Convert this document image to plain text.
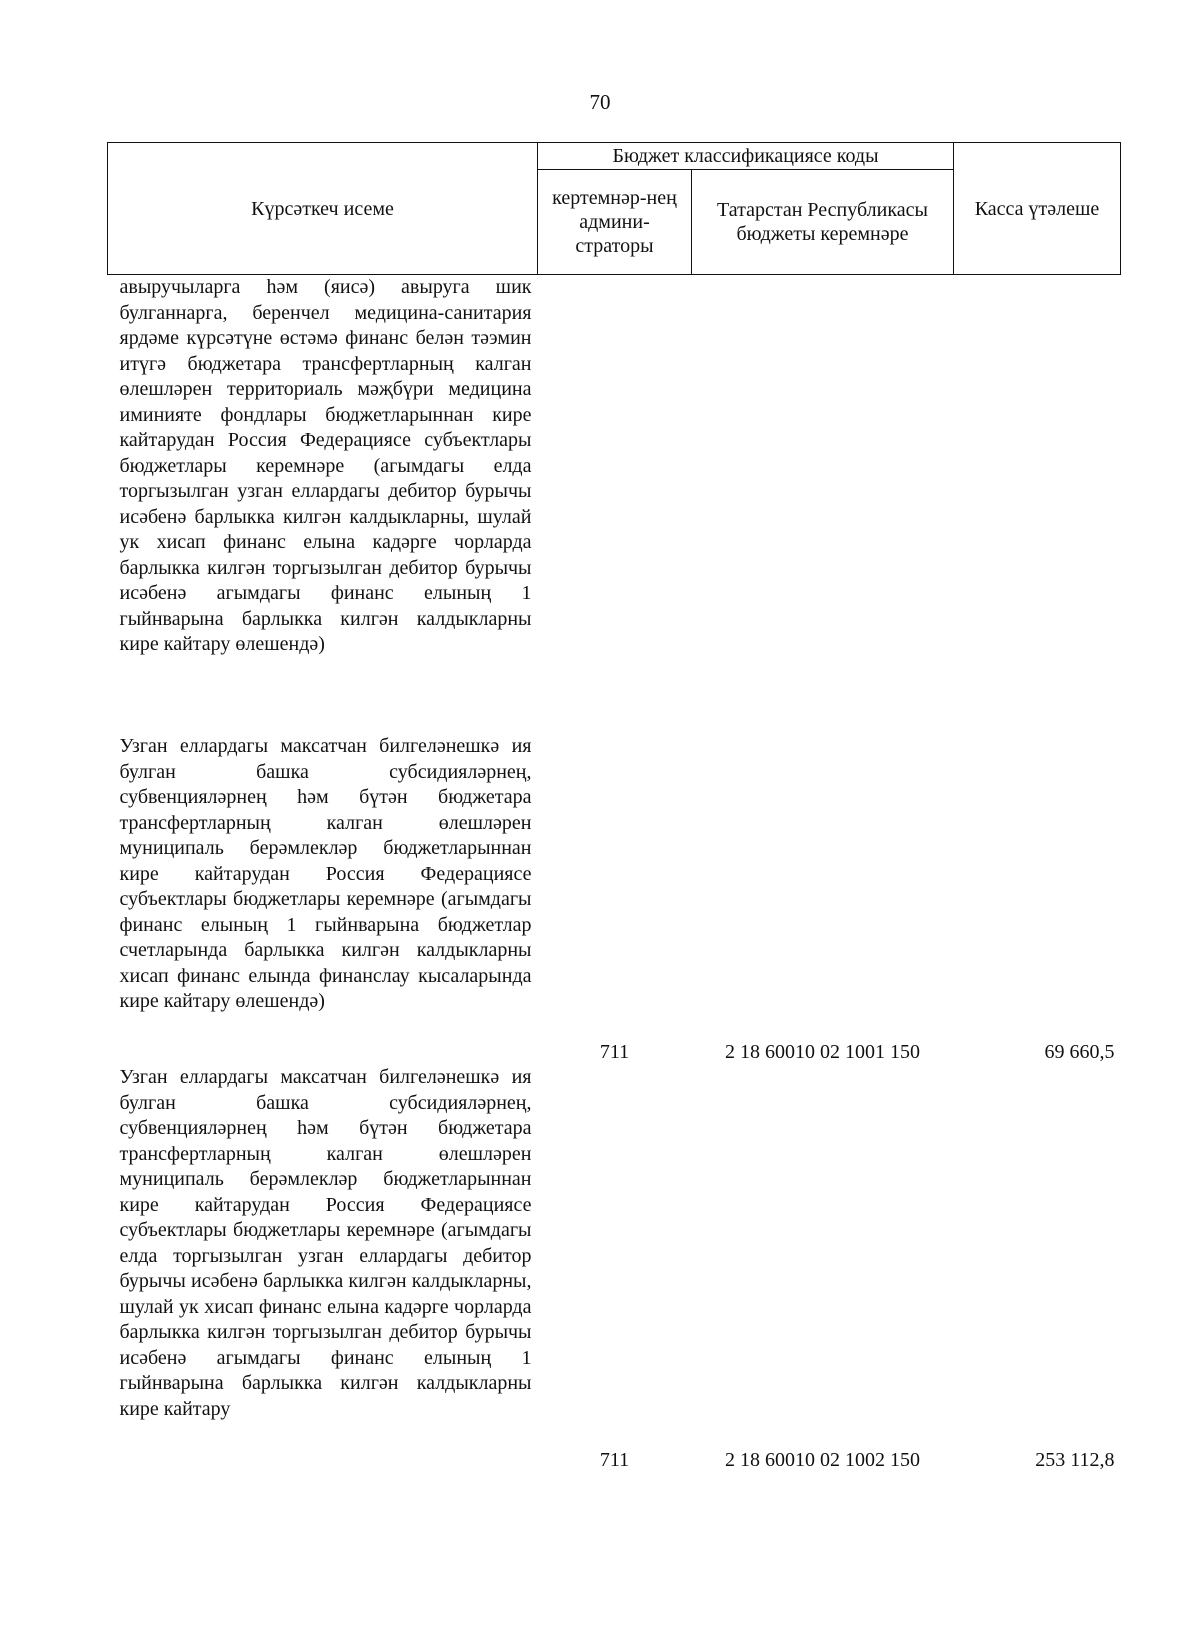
70
Күрсәткеч исеме	Бюджет классификациясе коды		Касса үтәлеше
	кертемнәр-нең админи-страторы	Татарстан Республикасы бюджеты керемнәре	
авыручыларга һәм (яисә) авыруга шик булганнарга, беренчел медицина-санитария ярдәме күрсәтүне өстәмә финанс белән тәэмин итүгә бюджетара трансфертларның калган өлешләрен территориаль мәҗбүри медицина иминияте фондлары бюджетларыннан кире кайтарудан Россия Федерациясе субъектлары бюджетлары керемнәре (агымдагы елда торгызылган узган еллардагы дебитор бурычы исәбенә барлыкка килгән калдыкларны, шулай ук хисап финанс елына кадәрге чорларда барлыкка килгән торгызылган дебитор бурычы исәбенә агымдагы финанс елының 1 гыйнварына барлыкка килгән калдыкларны кире кайтару өлешендә)			
Узган еллардагы максатчан билгеләнешкә ия булган башка субсидияләрнең, субвенцияләрнең һәм бүтән бюджетара трансфертларның калган өлешләрен муниципаль берәмлекләр бюджетларыннан кире кайтарудан Россия Федерациясе субъектлары бюджетлары керемнәре (агымдагы финанс елының 1 гыйнварына бюджетлар счетларында барлыкка килгән калдыкларны хисап финанс елында финанслау кысаларында кире кайтару өлешендә)	711	2 18 60010 02 1001 150	69 660,5
Узган еллардагы максатчан билгеләнешкә ия булган башка субсидияләрнең, субвенцияләрнең һәм бүтән бюджетара трансфертларның калган өлешләрен муниципаль берәмлекләр бюджетларыннан кире кайтарудан Россия Федерациясе субъектлары бюджетлары керемнәре (агымдагы елда торгызылган узган еллардагы дебитор бурычы исәбенә барлыкка килгән калдыкларны, шулай ук хисап финанс елына кадәрге чорларда барлыкка килгән торгызылган дебитор бурычы исәбенә агымдагы финанс елының 1 гыйнварына барлыкка килгән калдыкларны кире кайтару	711	2 18 60010 02 1002 150	253 112,8
